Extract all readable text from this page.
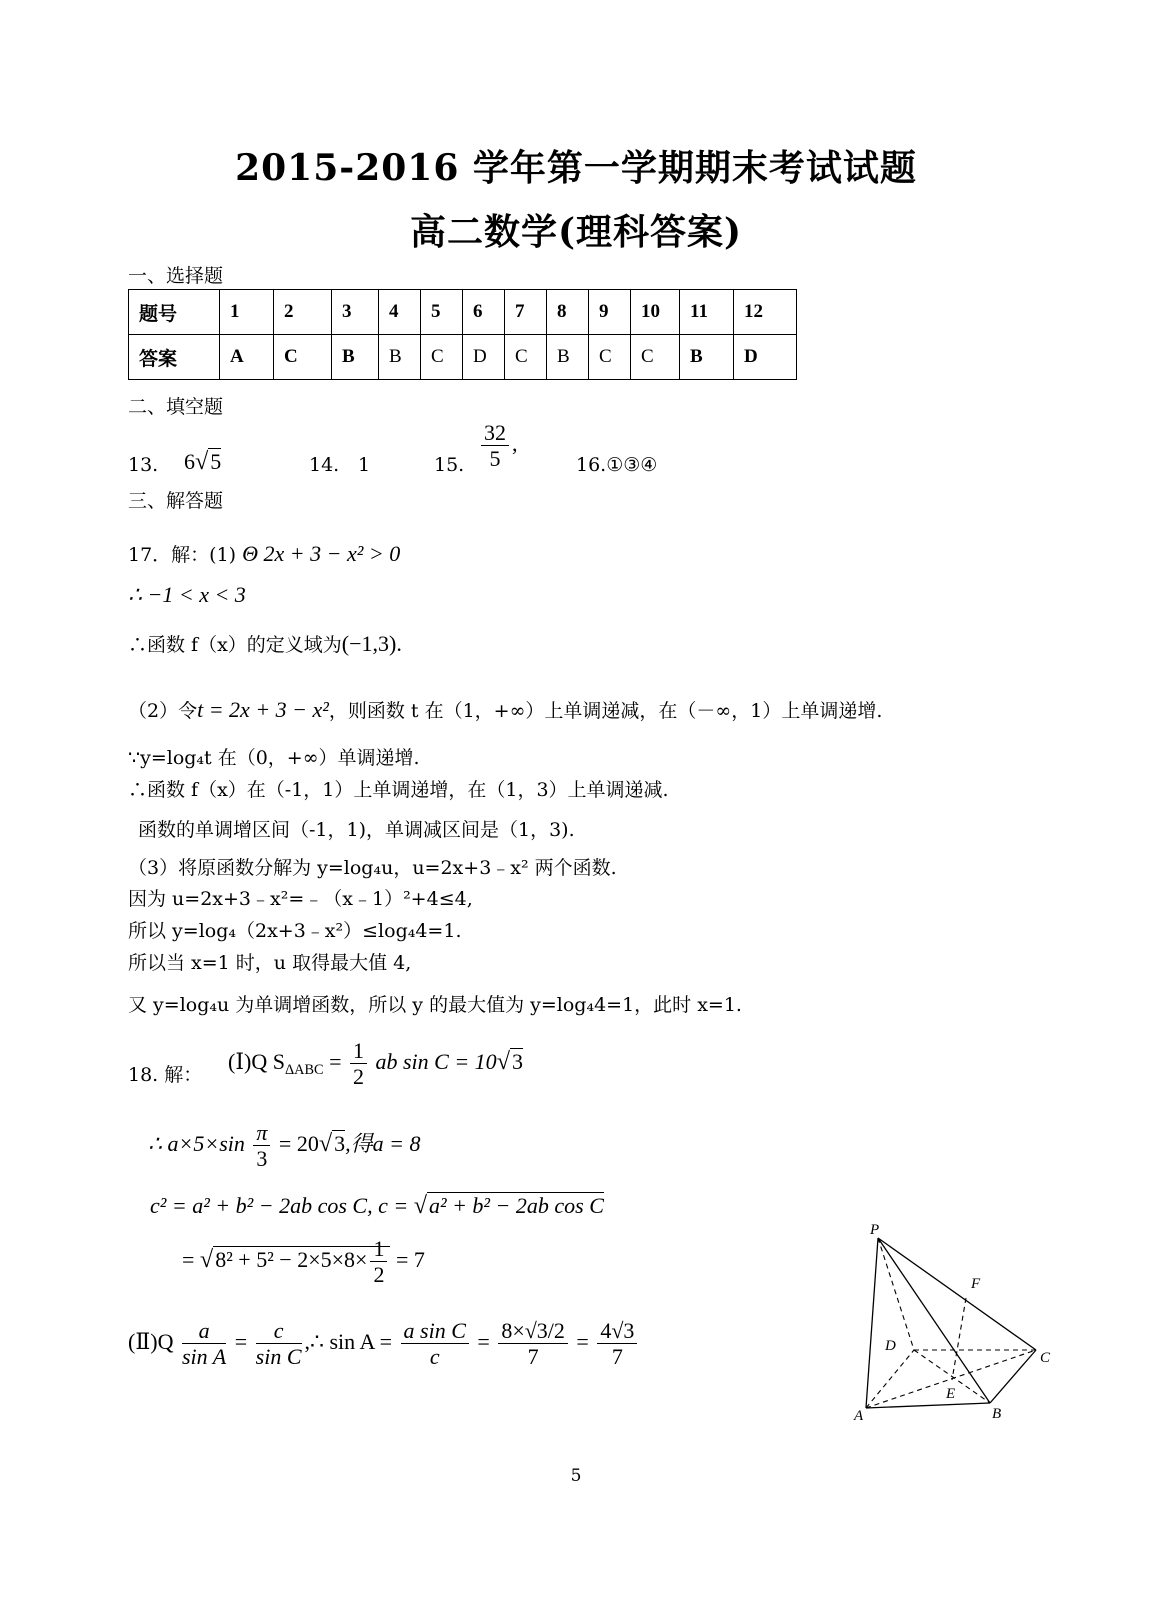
2015-2016 学年第一学期期末考试试题
高二数学(理科答案)
一、选择题
题号	1	2	3	4	5	6	7	8	9	10	11	12
答案	A	C	B	B	C	D	C	B	C	C	B	D
二、填空题
13. 6√5	14. 1	15. $\frac{32}{5}$ ,
16.①③④
三、解答题
17．解：(1) Θ 2x + 3 − x² > 0
∴ −1 < x < 3
∴函数 f（x）的定义域为(−1,3).
（2）令t = 2x + 3 − x²，则函数 t 在（1，+∞）上单调递减，在（－∞，1）上单调递增.
∵y=log₄t 在（0，+∞）单调递增.
∴函数 f（x）在（-1，1）上单调递增，在（1，3）上单调递减.
函数的单调增区间（-1，1)，单调减区间是（1，3).
（3）将原函数分解为 y=log₄u，u=2x+3﹣x² 两个函数.
因为 u=2x+3﹣x²=﹣（x﹣1）²+4≤4,
所以 y=log₄（2x+3﹣x²）≤log₄4=1.
所以当 x=1 时，u 取得最大值 4,
又 y=log₄u 为单调增函数，所以 y 的最大值为 y=log₄4=1，此时 x=1.
18. 解：
(Ⅰ)Q $S_{\Delta ABC} = \frac{1}{2}$ ab sin C = 10√3
∴ $a\times 5\times\sin \frac{\pi}{3} = 20√3$,得a = 8
c² = a² + b² − 2ab cos C, c = √a² + b² − 2ab cos C
= $√8^2 + 5^2 - 2\times 5\times 8\times \frac{1}{2} = 7$
(Ⅱ)Q $\frac{a}{\text{sin A}} = \frac{c}{\text{sin C}}$ ,∴ $\sin A = \frac{\text{a sin C}}{c} = \frac{8\times√3/2}{7} = \frac{4√3}{7}$
P
F
D
C
E
A	B
5
